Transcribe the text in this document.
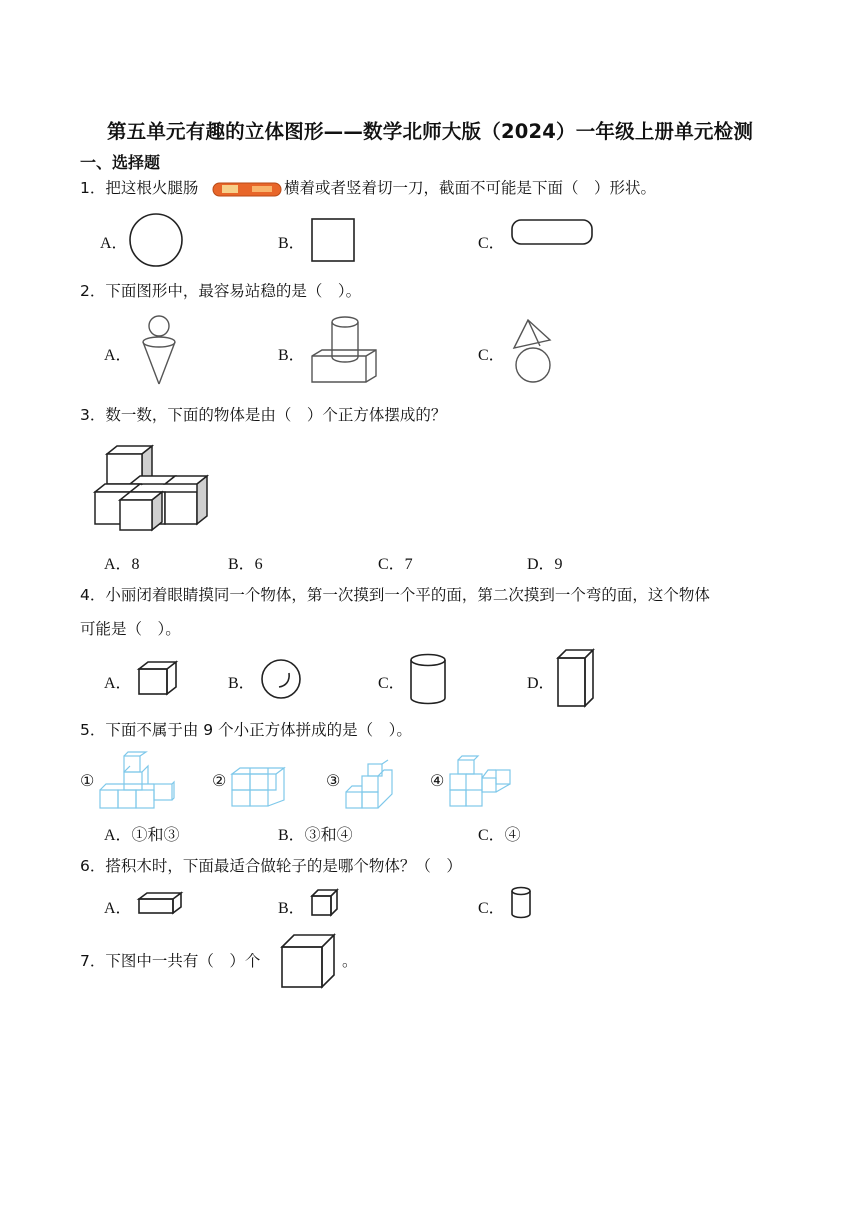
第五单元有趣的立体图形——数学北师大版（2024）一年级上册单元检测
一、选择题
1．把这根火腿肠	横着或者竖着切一刀，截面不可能是下面（　）形状。
A．	B．	C．
2．下面图形中，最容易站稳的是（　）。
A．	B．	C．
3．数一数，下面的物体是由（　）个正方体摆成的？
A．8	B．6	C．7	D．9
4．小丽闭着眼睛摸同一个物体，第一次摸到一个平的面，第二次摸到一个弯的面，这个物体
可能是（　）。
A．	B．	C．	D．
5．下面不属于由 9 个小正方体拼成的是（　）。
①	②	③	④
A．①和③	B．③和④	C．④
6．搭积木时，下面最适合做轮子的是哪个物体？（　）
A．	B．	C．
7．下图中一共有（　）个	。
